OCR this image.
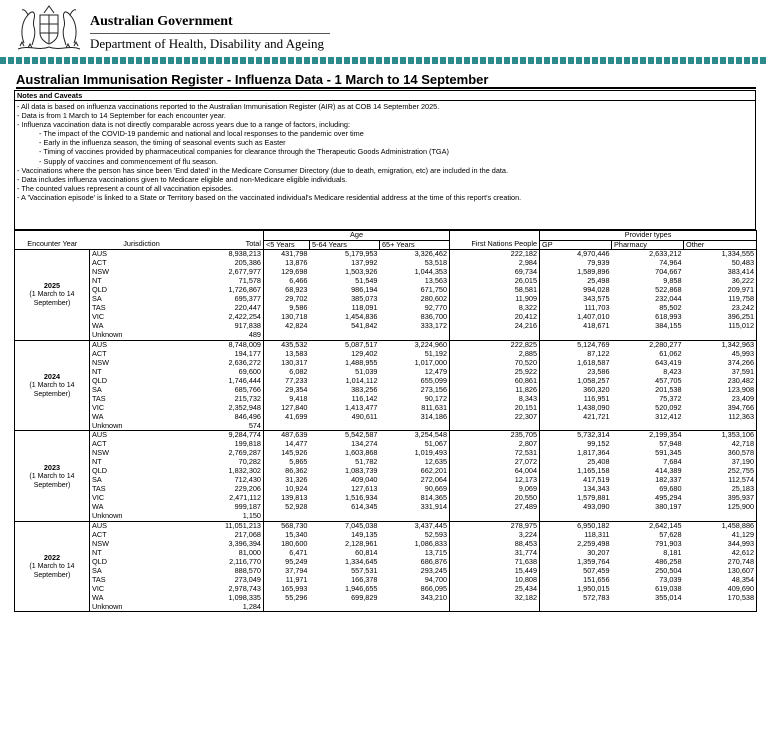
Australian Government
Department of Health, Disability and Ageing
Australian Immunisation Register - Influenza Data - 1 March to 14 September
Notes and Caveats
- All data is based on influenza vaccinations reported to the Australian Immunisation Register (AIR) as at COB 14 September 2025.
- Data is from 1 March to 14 September for each encounter year.
- Influenza vaccination data is not directly comparable across years due to a range of factors, including:
- The impact of the COVID-19 pandemic and national and local responses to the pandemic over time
- Early in the influenza season, the timing of seasonal events such as Easter
- Timing of vaccines provided by pharmaceutical companies for clearance through the Therapeutic Goods Administration (TGA)
- Supply of vaccines and commencement of flu season.
- Vaccinations where the person has since been 'End dated' in the Medicare Consumer Directory (due to death, emigration, etc) are included in the data.
- Data includes influenza vaccinations given to Medicare eligible and non-Medicare eligible individuals.
- The counted values represent a count of all vaccination episodes.
- A 'Vaccination episode' is linked to a State or Territory based on the vaccinated individual's Medicare residential address at the time of this report's creation.
			Age				Provider types		
Encounter Year	Jurisdiction	Total	<5 Years	5-64 Years	65+ Years	First Nations People	GP	Pharmacy	Other

2025
(1 March to 14 September)	AUS	8,938,213	431,798	5,179,953	3,326,462	222,182	4,970,446	2,633,212	1,334,555
	ACT	205,386	13,876	137,992	53,518	2,984	79,939	74,964	50,483
	NSW	2,677,977	129,698	1,503,926	1,044,353	69,734	1,589,896	704,667	383,414
	NT	71,578	6,466	51,549	13,563	26,015	25,498	9,858	36,222
	QLD	1,726,867	68,923	986,194	671,750	58,581	994,028	522,868	209,971
	SA	695,377	29,702	385,073	280,602	11,909	343,575	232,044	119,758
	TAS	220,447	9,586	118,091	92,770	8,322	111,703	85,502	23,242
	VIC	2,422,254	130,718	1,454,836	836,700	20,412	1,407,010	618,993	396,251
	WA	917,838	42,824	541,842	333,172	24,216	418,671	384,155	115,012
	Unknown	489							

2024
(1 March to 14 September)	AUS	8,748,009	435,532	5,087,517	3,224,960	222,825	5,124,769	2,280,277	1,342,963
	ACT	194,177	13,583	129,402	51,192	2,885	87,122	61,062	45,993
	NSW	2,636,272	130,317	1,488,955	1,017,000	70,520	1,618,587	643,419	374,266
	NT	69,600	6,082	51,039	12,479	25,922	23,586	8,423	37,591
	QLD	1,746,444	77,233	1,014,112	655,099	60,861	1,058,257	457,705	230,482
	SA	685,766	29,354	383,256	273,156	11,826	360,320	201,538	123,908
	TAS	215,732	9,418	116,142	90,172	8,343	116,951	75,372	23,409
	VIC	2,352,948	127,840	1,413,477	811,631	20,151	1,438,090	520,092	394,766
	WA	846,496	41,699	490,611	314,186	22,307	421,721	312,412	112,363
	Unknown	574							

2023
(1 March to 14 September)	AUS	9,284,774	487,639	5,542,587	3,254,548	235,705	5,732,314	2,199,354	1,353,106
	ACT	199,818	14,477	134,274	51,067	2,807	99,152	57,948	42,718
	NSW	2,769,287	145,926	1,603,868	1,019,493	72,531	1,817,364	591,345	360,578
	NT	70,282	5,865	51,782	12,635	27,072	25,408	7,684	37,190
	QLD	1,832,302	86,362	1,083,739	662,201	64,004	1,165,158	414,389	252,755
	SA	712,430	31,326	409,040	272,064	12,173	417,519	182,337	112,574
	TAS	229,206	10,924	127,613	90,669	9,069	134,343	69,680	25,183
	VIC	2,471,112	139,813	1,516,934	814,365	20,550	1,579,881	495,294	395,937
	WA	999,187	52,928	614,345	331,914	27,489	493,090	380,197	125,900
	Unknown	1,150							

2022
(1 March to 14 September)	AUS	11,051,213	568,730	7,045,038	3,437,445	278,975	6,950,182	2,642,145	1,458,886
	ACT	217,068	15,340	149,135	52,593	3,224	118,311	57,628	41,129
	NSW	3,396,394	180,600	2,128,961	1,086,833	88,453	2,259,498	791,903	344,993
	NT	81,000	6,471	60,814	13,715	31,774	30,207	8,181	42,612
	QLD	2,116,770	95,249	1,334,645	686,876	71,638	1,359,764	486,258	270,748
	SA	888,570	37,794	557,531	293,245	15,449	507,459	250,504	130,607
	TAS	273,049	11,971	166,378	94,700	10,808	151,656	73,039	48,354
	VIC	2,978,743	165,993	1,946,655	866,095	25,434	1,950,015	619,038	409,690
	WA	1,098,335	55,296	699,829	343,210	32,182	572,783	355,014	170,538
	Unknown	1,284							
